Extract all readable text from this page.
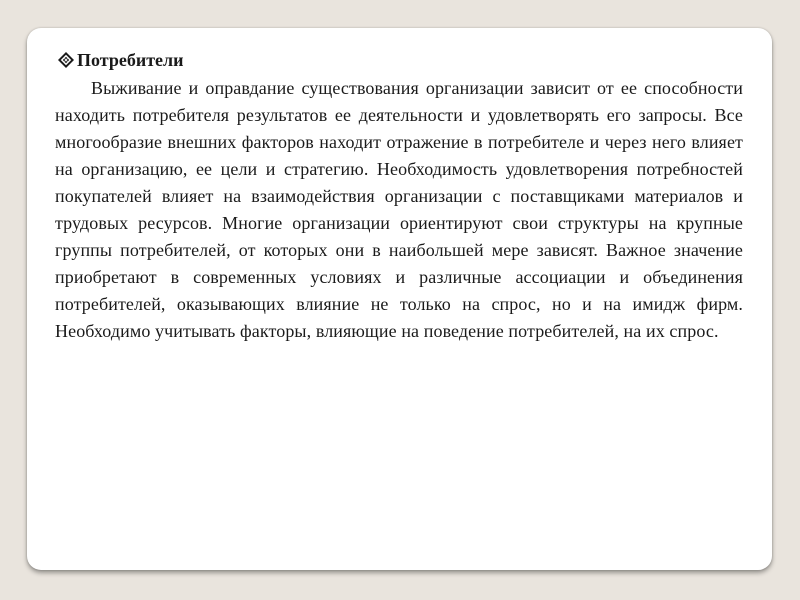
Потребители

Выживание и оправдание существования организации зависит от ее способности находить потребителя результатов ее деятельности и удовлетворять его запросы. Все многообразие внешних факторов находит отражение в потребителе и через него влияет на организацию, ее цели и стратегию. Необходимость удовлетворения потребностей покупателей влияет на взаимодействия организации с поставщиками материалов и трудовых ресурсов. Многие организации ориентируют свои структуры на крупные группы потребителей, от которых они в наибольшей мере зависят. Важное значение приобретают в современных условиях и различные ассоциации и объединения потребителей, оказывающих влияние не только на спрос, но и на имидж фирм. Необходимо учитывать факторы, влияющие на поведение потребителей, на их спрос.
